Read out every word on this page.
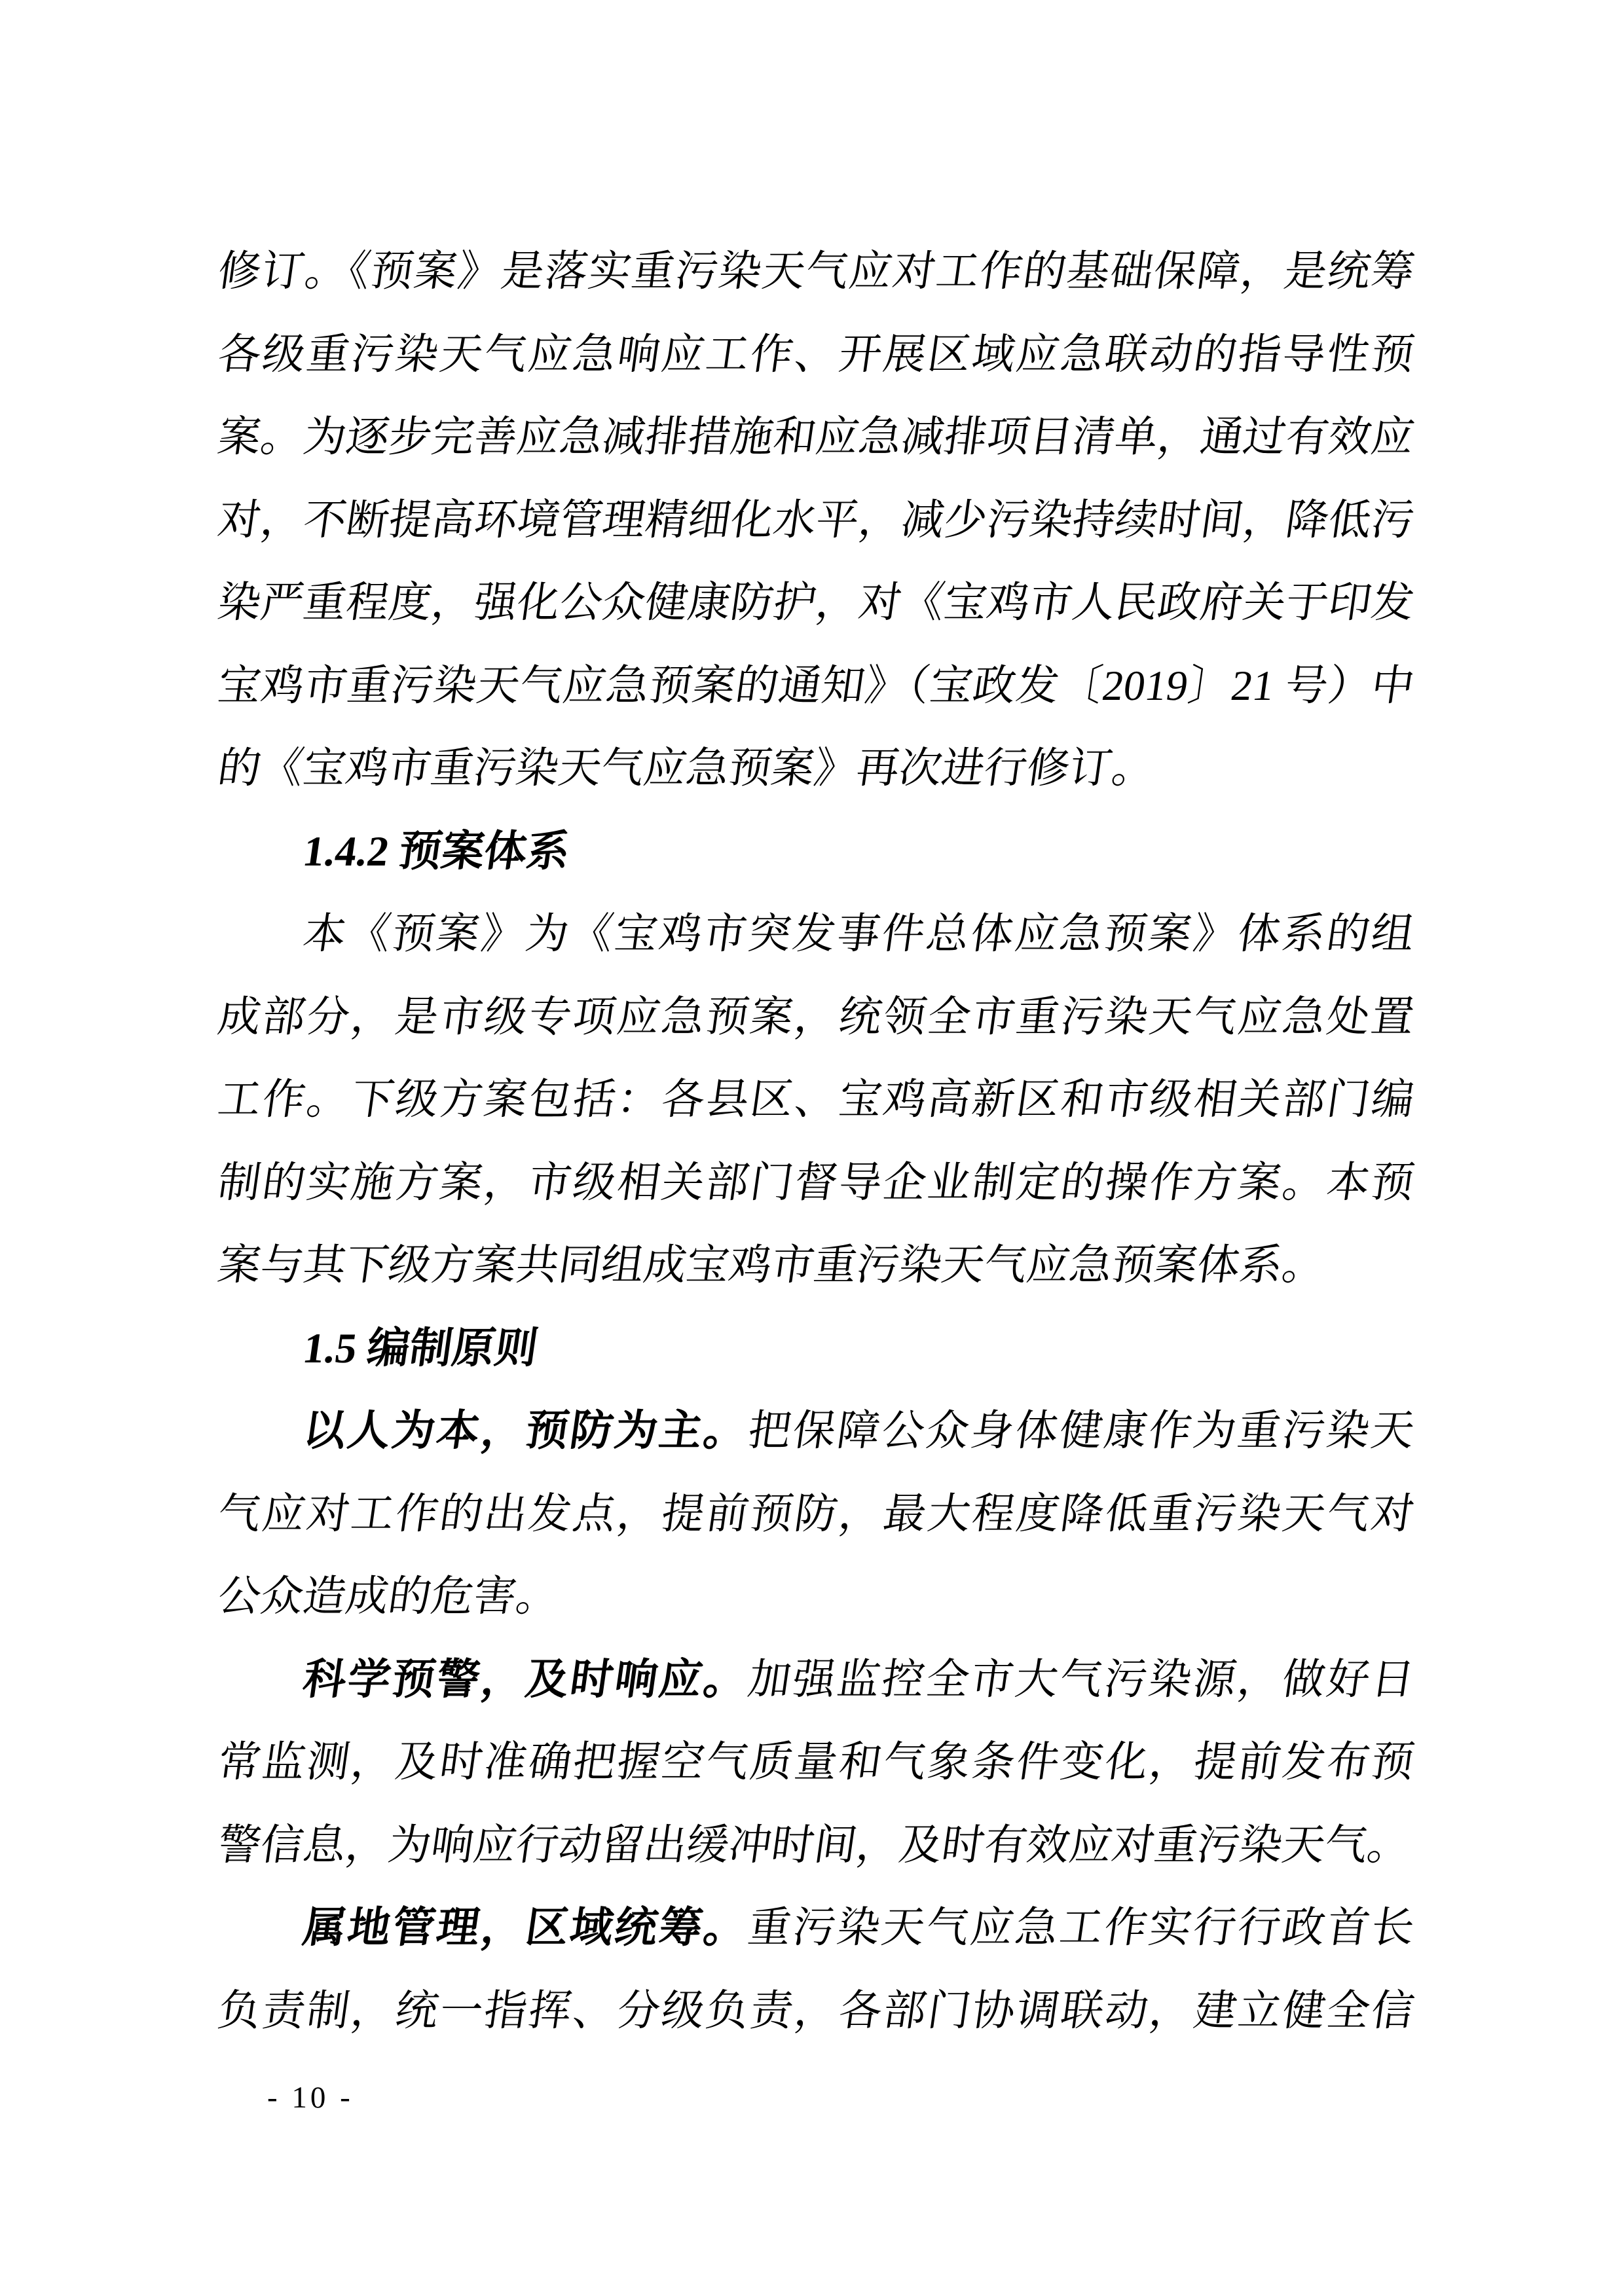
修订。《预案》是落实重污染天气应对工作的基础保障，是统筹
各级重污染天气应急响应工作、开展区域应急联动的指导性预
案。为逐步完善应急减排措施和应急减排项目清单，通过有效应
对，不断提高环境管理精细化水平，减少污染持续时间，降低污
染严重程度，强化公众健康防护，对《宝鸡市人民政府关于印发
宝鸡市重污染天气应急预案的通知》（宝政发〔2019〕21 号）中
的《宝鸡市重污染天气应急预案》再次进行修订。
1.4.2 预案体系
本《预案》为《宝鸡市突发事件总体应急预案》体系的组
成部分，是市级专项应急预案，统领全市重污染天气应急处置
工作。下级方案包括：各县区、宝鸡高新区和市级相关部门编
制的实施方案，市级相关部门督导企业制定的操作方案。本预
案与其下级方案共同组成宝鸡市重污染天气应急预案体系。
1.5 编制原则
以人为本，预防为主。把保障公众身体健康作为重污染天
气应对工作的出发点，提前预防，最大程度降低重污染天气对
公众造成的危害。
科学预警，及时响应。加强监控全市大气污染源，做好日
常监测，及时准确把握空气质量和气象条件变化，提前发布预
警信息，为响应行动留出缓冲时间，及时有效应对重污染天气。
属地管理，区域统筹。重污染天气应急工作实行行政首长
负责制，统一指挥、分级负责，各部门协调联动，建立健全信
- 10 -
